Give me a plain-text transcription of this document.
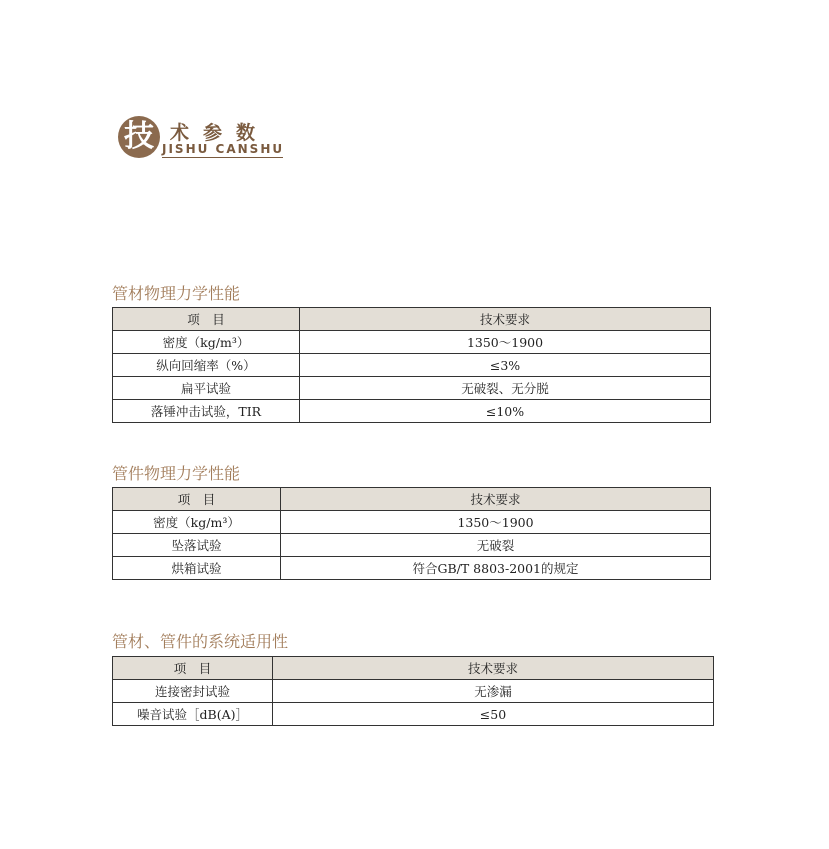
技 术参数
JISHU CANSHU
管材物理力学性能
项　目	技术要求
密度（kg/m³）	1350～1900
纵向回缩率（%）	≤3%
扁平试验	无破裂、无分脱
落锤冲击试验，TIR	≤10%
管件物理力学性能
项　目	技术要求
密度（kg/m³）	1350～1900
坠落试验	无破裂
烘箱试验	符合GB/T 8803-2001的规定
管材、管件的系统适用性
项　目	技术要求
连接密封试验	无渗漏
噪音试验［dB(A)］	≤50
